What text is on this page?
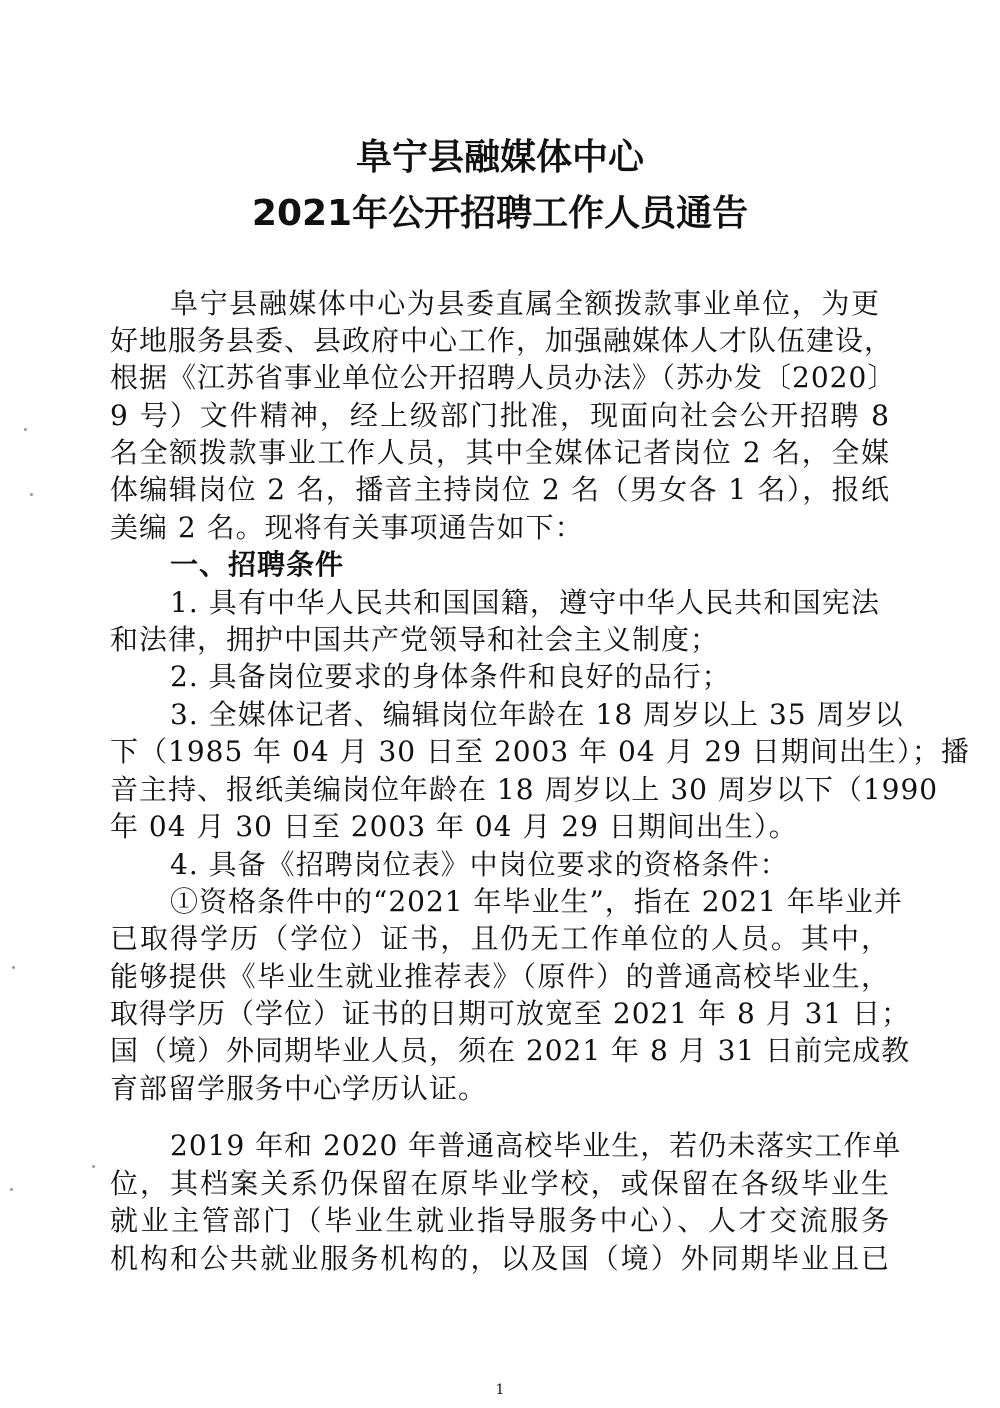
阜宁县融媒体中心
2021年公开招聘工作人员通告

阜宁县融媒体中心为县委直属全额拨款事业单位，为更

好地服务县委、县政府中心工作，加强融媒体人才队伍建设，

根据《江苏省事业单位公开招聘人员办法》（苏办发〔2020〕

9 号）文件精神，经上级部门批准，现面向社会公开招聘 8

名全额拨款事业工作人员，其中全媒体记者岗位 2 名，全媒

体编辑岗位 2 名，播音主持岗位 2 名（男女各 1 名），报纸

美编 2 名。现将有关事项通告如下：

一、招聘条件

1. 具有中华人民共和国国籍，遵守中华人民共和国宪法

和法律，拥护中国共产党领导和社会主义制度；

2. 具备岗位要求的身体条件和良好的品行；

3. 全媒体记者、编辑岗位年龄在 18 周岁以上 35 周岁以

下（1985 年 04 月 30 日至 2003 年 04 月 29 日期间出生）；播

音主持、报纸美编岗位年龄在 18 周岁以上 30 周岁以下（1990

年 04 月 30 日至 2003 年 04 月 29 日期间出生）。

4. 具备《招聘岗位表》中岗位要求的资格条件：

①资格条件中的“2021 年毕业生”，指在 2021 年毕业并

已取得学历（学位）证书，且仍无工作单位的人员。其中，

能够提供《毕业生就业推荐表》（原件）的普通高校毕业生，

取得学历（学位）证书的日期可放宽至 2021 年 8 月 31 日；

国（境）外同期毕业人员，须在 2021 年 8 月 31 日前完成教

育部留学服务中心学历认证。

2019 年和 2020 年普通高校毕业生，若仍未落实工作单

位，其档案关系仍保留在原毕业学校，或保留在各级毕业生

就业主管部门（毕业生就业指导服务中心）、人才交流服务

机构和公共就业服务机构的，以及国（境）外同期毕业且已

1
